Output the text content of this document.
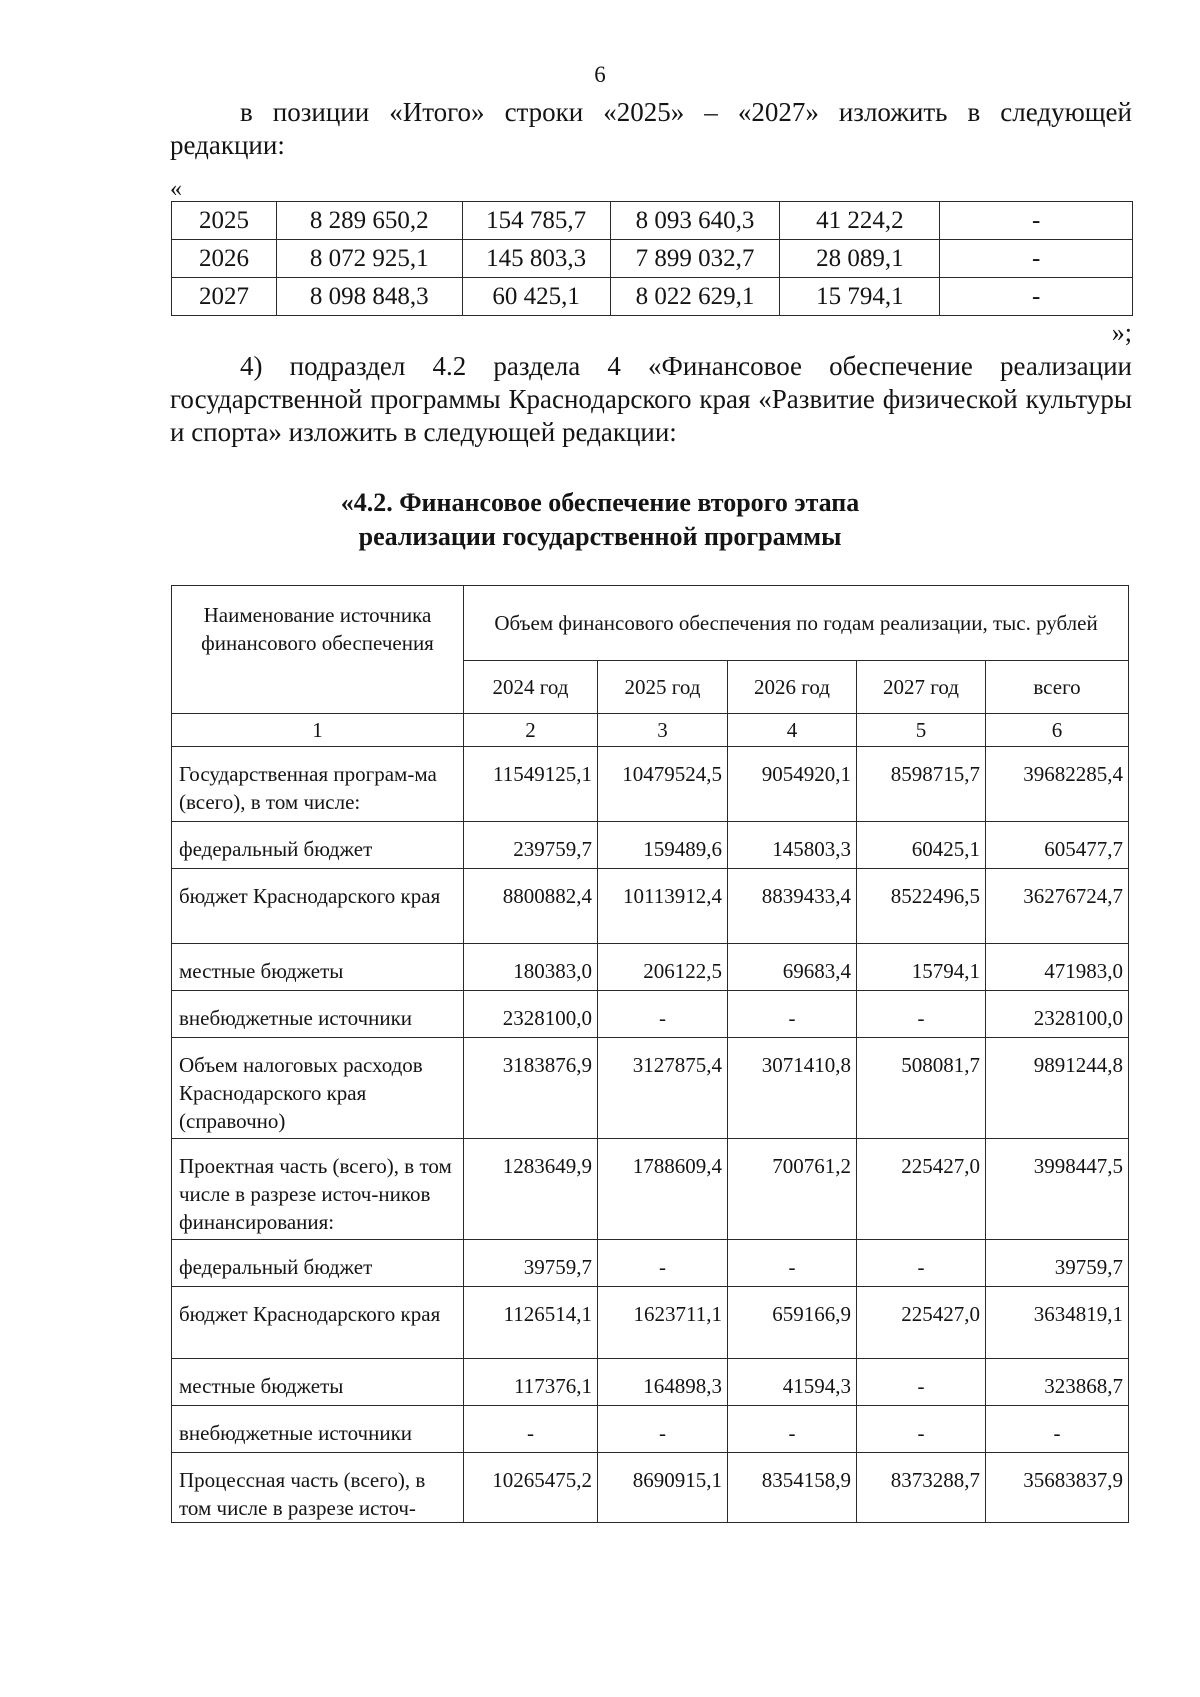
6

в позиции «Итого» строки «2025» – «2027» изложить в следующей редакции:

«
2025	8 289 650,2	154 785,7	8 093 640,3	41 224,2	-
2026	8 072 925,1	145 803,3	7 899 032,7	28 089,1	-
2027	8 098 848,3	60 425,1	8 022 629,1	15 794,1	-
»;

4) подраздел 4.2 раздела 4 «Финансовое обеспечение реализации государственной программы Краснодарского края «Развитие физической культуры и спорта» изложить в следующей редакции:

«4.2. Финансовое обеспечение второго этапа
реализации государственной программы
Наименование источника финансового обеспечения	Объем финансового обеспечения по годам реализации, тыс. рублей				
	2024 год	2025 год	2026 год	2027 год	всего
1	2	3	4	5	6
Государственная програм-ма (всего), в том числе:	11549125,1	10479524,5	9054920,1	8598715,7	39682285,4
федеральный бюджет	239759,7	159489,6	145803,3	60425,1	605477,7
бюджет Краснодарского края	8800882,4	10113912,4	8839433,4	8522496,5	36276724,7
местные бюджеты	180383,0	206122,5	69683,4	15794,1	471983,0
внебюджетные источники	2328100,0	-	-	-	2328100,0
Объем налоговых расходов Краснодарского края (справочно)	3183876,9	3127875,4	3071410,8	508081,7	9891244,8
Проектная часть (всего), в том числе в разрезе источ-ников финансирования:	1283649,9	1788609,4	700761,2	225427,0	3998447,5
федеральный бюджет	39759,7	-	-	-	39759,7
бюджет Краснодарского края	1126514,1	1623711,1	659166,9	225427,0	3634819,1
местные бюджеты	117376,1	164898,3	41594,3	-	323868,7
внебюджетные источники	-	-	-	-	-
Процессная часть (всего), в том числе в разрезе источ-	10265475,2	8690915,1	8354158,9	8373288,7	35683837,9
